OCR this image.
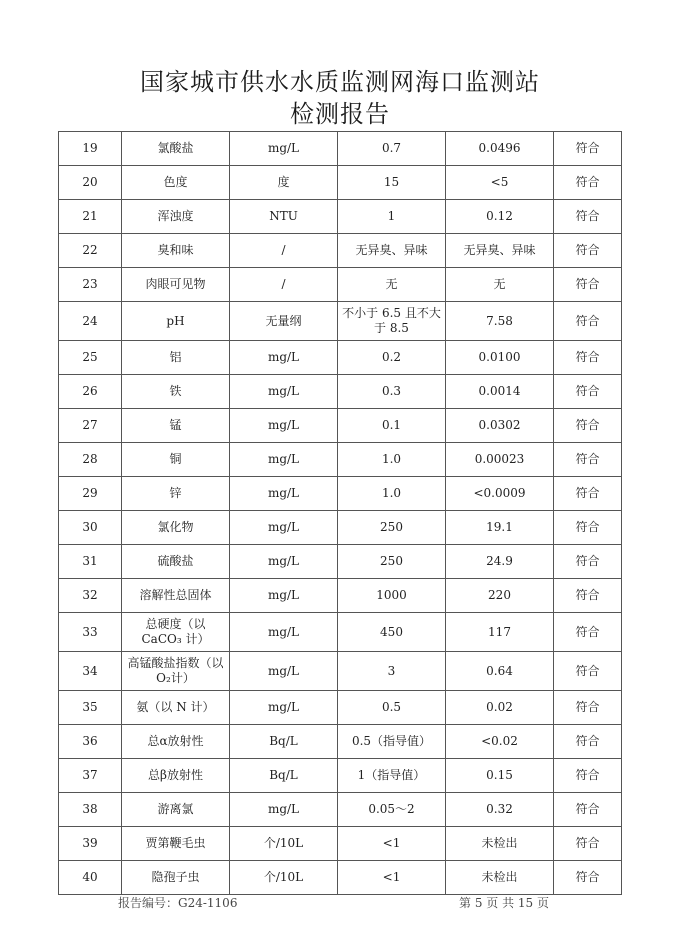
国家城市供水水质监测网海口监测站
检测报告
19	氯酸盐	mg/L	0.7	0.0496	符合
20	色度	度	15	<5	符合
21	浑浊度	NTU	1	0.12	符合
22	臭和味	/	无异臭、异味	无异臭、异味	符合
23	肉眼可见物	/	无	无	符合
24	pH	无量纲	不小于 6.5 且不大于 8.5	7.58	符合
25	铝	mg/L	0.2	0.0100	符合
26	铁	mg/L	0.3	0.0014	符合
27	锰	mg/L	0.1	0.0302	符合
28	铜	mg/L	1.0	0.00023	符合
29	锌	mg/L	1.0	<0.0009	符合
30	氯化物	mg/L	250	19.1	符合
31	硫酸盐	mg/L	250	24.9	符合
32	溶解性总固体	mg/L	1000	220	符合
33	总硬度（以 CaCO₃ 计）	mg/L	450	117	符合
34	高锰酸盐指数（以 O₂计）	mg/L	3	0.64	符合
35	氨（以 N 计）	mg/L	0.5	0.02	符合
36	总α放射性	Bq/L	0.5（指导值）	<0.02	符合
37	总β放射性	Bq/L	1（指导值）	0.15	符合
38	游离氯	mg/L	0.05～2	0.32	符合
39	贾第鞭毛虫	个/10L	<1	未检出	符合
40	隐孢子虫	个/10L	<1	未检出	符合
报告编号：G24-1106	第 5 页 共 15 页
